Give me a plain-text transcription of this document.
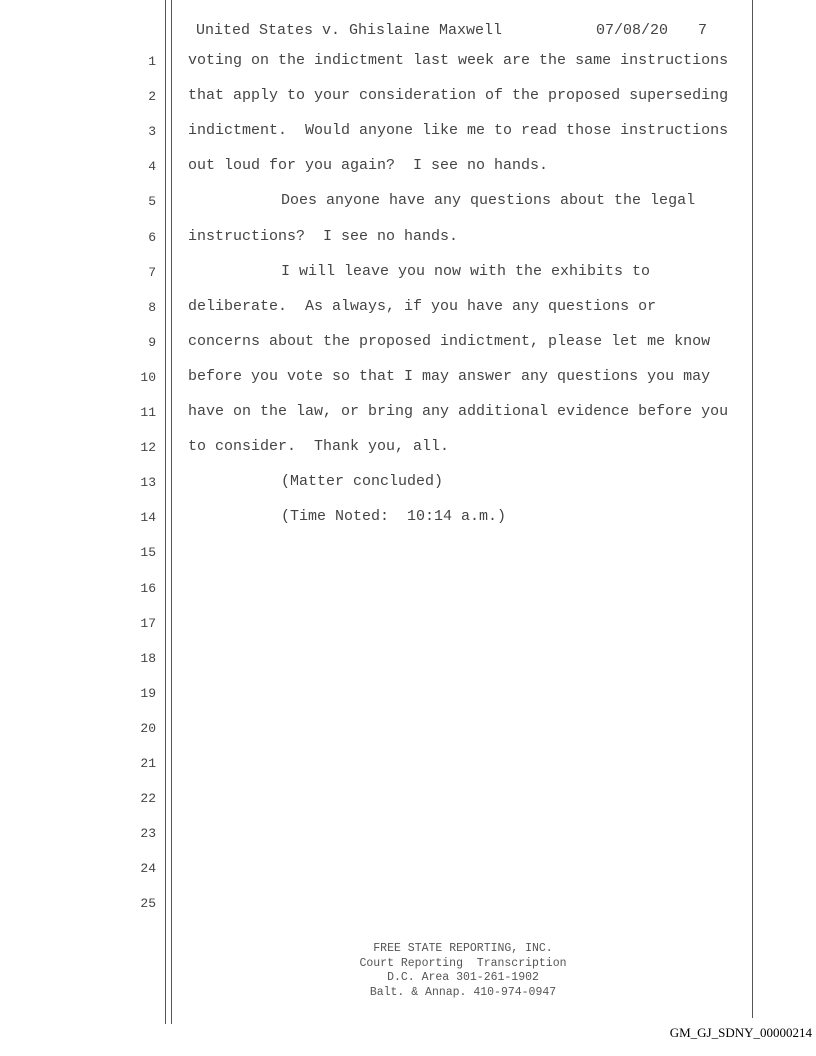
United States v. Ghislaine Maxwell

	07/08/20

7

1 voting on the indictment last week are the same instructions
2 that apply to your consideration of the proposed superseding
3 indictment.  Would anyone like me to read those instructions
4 out loud for you again?  I see no hands.
5	Does anyone have any questions about the legal
6 instructions?  I see no hands.
7	I will leave you now with the exhibits to
8 deliberate.  As always, if you have any questions or
9 concerns about the proposed indictment, please let me know
10 before you vote so that I may answer any questions you may
11 have on the law, or bring any additional evidence before you
12 to consider.  Thank you, all.
13	(Matter concluded)
14	(Time Noted:  10:14 a.m.)
15
16
17
18
19
20
21
22
23
24
25
FREE STATE REPORTING, INC.
Court Reporting  Transcription
D.C. Area 301-261-1902
Balt. & Annap. 410-974-0947
GM_GJ_SDNY_00000214
